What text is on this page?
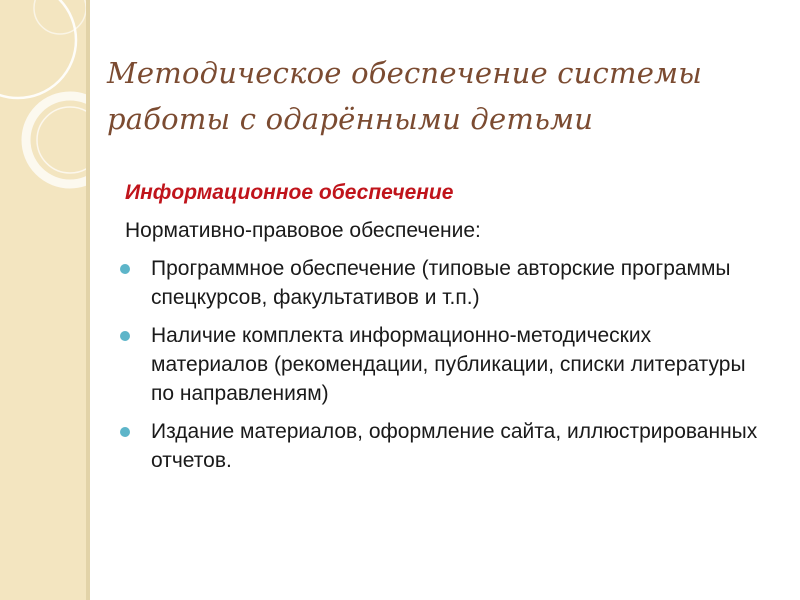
Методическое обеспечение системы работы с одарёнными детьми

Информационное обеспечение

Нормативно-правовое обеспечение:

Программное обеспечение (типовые авторские программы спецкурсов, факультативов и т.п.)
Наличие комплекта информационно-методических материалов (рекомендации, публикации, списки литературы по направлениям)
Издание материалов, оформление сайта, иллюстрированных отчетов.
